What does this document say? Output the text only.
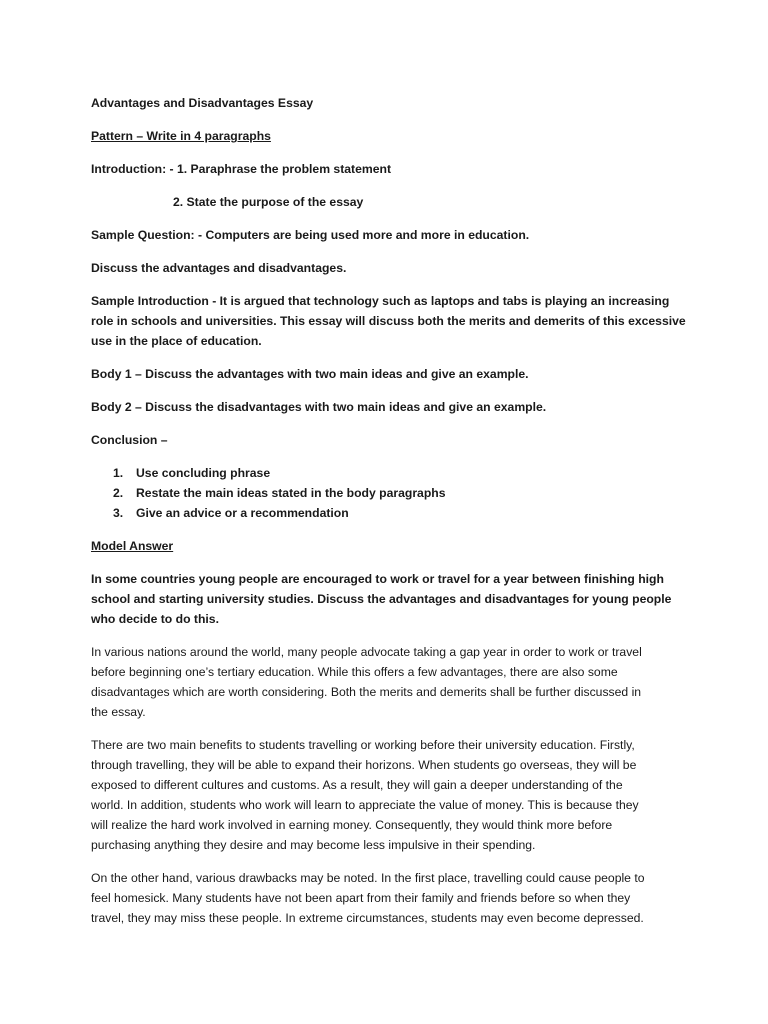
Advantages and Disadvantages Essay

Pattern – Write in 4 paragraphs

Introduction: - 1. Paraphrase the problem statement

2. State the purpose of the essay

Sample Question: - Computers are being used more and more in education.

Discuss the advantages and disadvantages.

Sample Introduction - It is argued that technology such as laptops and tabs is playing an increasing

role in schools and universities. This essay will discuss both the merits and demerits of this excessive

use in the place of education.

Body 1 – Discuss the advantages with two main ideas and give an example.

Body 2 – Discuss the disadvantages with two main ideas and give an example.

Conclusion –

1. Use concluding phrase
2. Restate the main ideas stated in the body paragraphs
3. Give an advice or a recommendation

Model Answer

In some countries young people are encouraged to work or travel for a year between finishing high

school and starting university studies. Discuss the advantages and disadvantages for young people

who decide to do this.

In various nations around the world, many people advocate taking a gap year in order to work or travel

before beginning one’s tertiary education. While this offers a few advantages, there are also some

disadvantages which are worth considering. Both the merits and demerits shall be further discussed in

the essay.

There are two main benefits to students travelling or working before their university education. Firstly,

through travelling, they will be able to expand their horizons. When students go overseas, they will be

exposed to different cultures and customs. As a result, they will gain a deeper understanding of the

world. In addition, students who work will learn to appreciate the value of money. This is because they

will realize the hard work involved in earning money. Consequently, they would think more before

purchasing anything they desire and may become less impulsive in their spending.

On the other hand, various drawbacks may be noted. In the first place, travelling could cause people to

feel homesick. Many students have not been apart from their family and friends before so when they

travel, they may miss these people. In extreme circumstances, students may even become depressed.
